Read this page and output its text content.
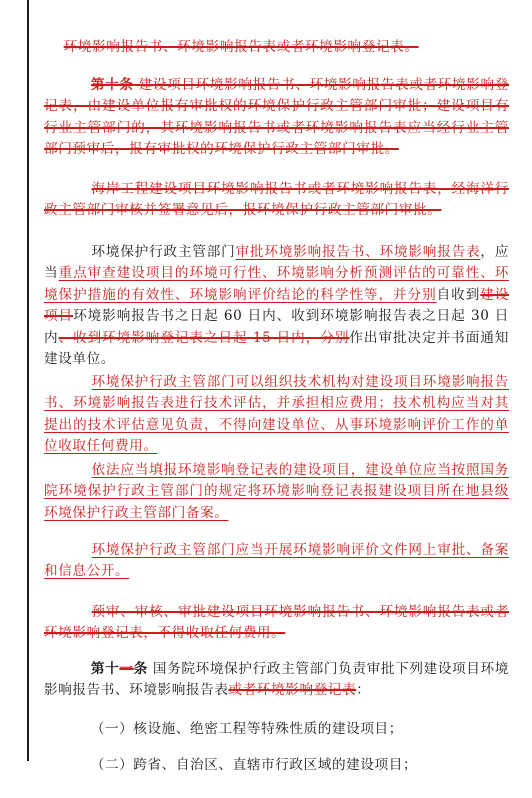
环境影响报告书、环境影响报告表或者环境影响登记表。

第十条 建设项目环境影响报告书、环境影响报告表或者环境影响登记表，由建设单位报有审批权的环境保护行政主管部门审批；建设项目有行业主管部门的，其环境影响报告书或者环境影响报告表应当经行业主管部门预审后，报有审批权的环境保护行政主管部门审批。

海岸工程建设项目环境影响报告书或者环境影响报告表，经海洋行政主管部门审核并签署意见后，报环境保护行政主管部门审批。

环境保护行政主管部门审批环境影响报告书、环境影响报告表，应当重点审查建设项目的环境可行性、环境影响分析预测评估的可靠性、环境保护措施的有效性、环境影响评价结论的科学性等，并分别自收到建设项目环境影响报告书之日起 60 日内、收到环境影响报告表之日起 30 日内、收到环境影响登记表之日起 15 日内，分别作出审批决定并书面通知建设单位。

环境保护行政主管部门可以组织技术机构对建设项目环境影响报告书、环境影响报告表进行技术评估，并承担相应费用；技术机构应当对其提出的技术评估意见负责，不得向建设单位、从事环境影响评价工作的单位收取任何费用。

依法应当填报环境影响登记表的建设项目，建设单位应当按照国务院环境保护行政主管部门的规定将环境影响登记表报建设项目所在地县级环境保护行政主管部门备案。

环境保护行政主管部门应当开展环境影响评价文件网上审批、备案和信息公开。

预审、审核、审批建设项目环境影响报告书、环境影响报告表或者环境影响登记表，不得收取任何费用。

第十一条 国务院环境保护行政主管部门负责审批下列建设项目环境影响报告书、环境影响报告表或者环境影响登记表：

（一）核设施、绝密工程等特殊性质的建设项目；

（二）跨省、自治区、直辖市行政区域的建设项目；
